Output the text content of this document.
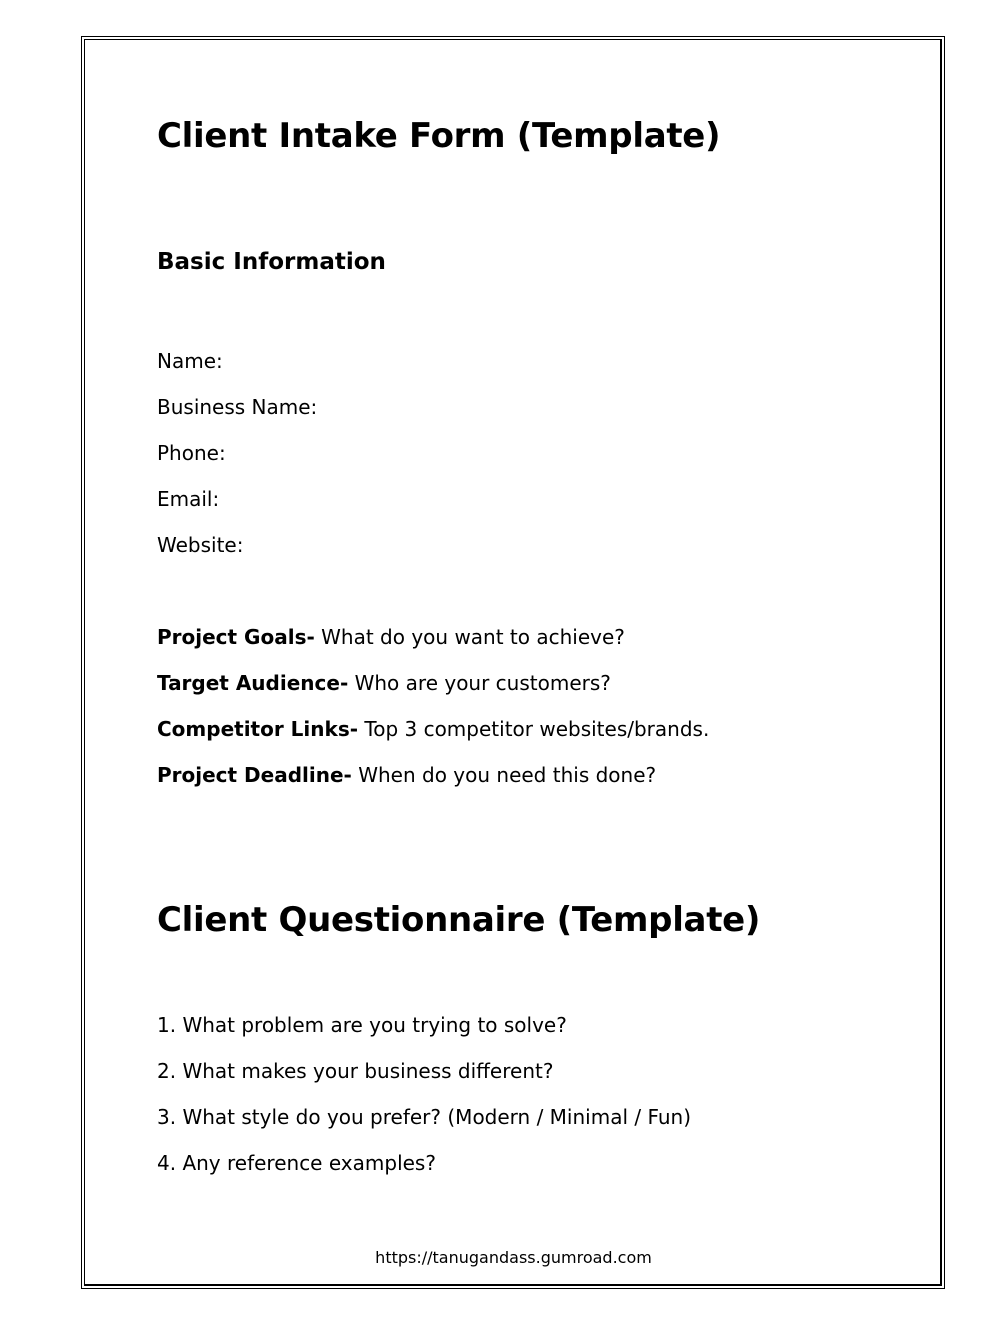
Client Intake Form (Template)
Basic Information
Name:
Business Name:
Phone:
Email:
Website:
Project Goals- What do you want to achieve?
Target Audience- Who are your customers?
Competitor Links- Top 3 competitor websites/brands.
Project Deadline- When do you need this done?
Client Questionnaire (Template)
1. What problem are you trying to solve?
2. What makes your business different?
3. What style do you prefer? (Modern / Minimal / Fun)
4. Any reference examples?
https://tanugandass.gumroad.com
